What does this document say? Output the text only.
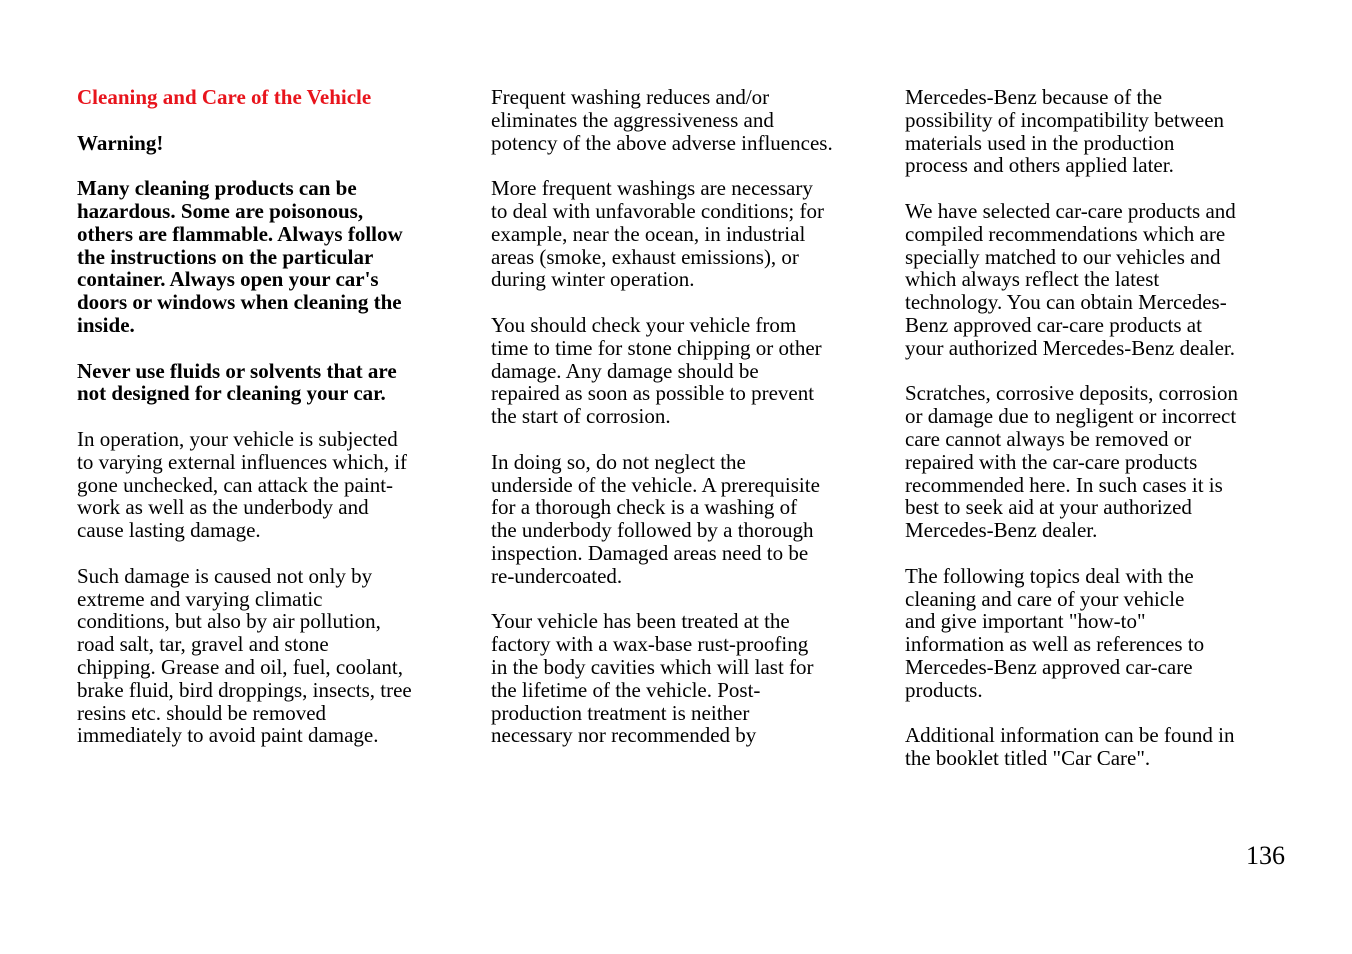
Cleaning and Care of the Vehicle
Warning!
Many cleaning products can be
hazardous. Some are poisonous,
others are flammable. Always follow
the instructions on the particular
container. Always open your car's
doors or windows when cleaning the
inside.
Never use fluids or solvents that are
not designed for cleaning your car.
In operation, your vehicle is subjected
to varying external influences which, if
gone unchecked, can attack the paint-
work as well as the underbody and
cause lasting damage.
Such damage is caused not only by
extreme and varying climatic
conditions, but also by air pollution,
road salt, tar, gravel and stone
chipping. Grease and oil, fuel, coolant,
brake fluid, bird droppings, insects, tree
resins etc. should be removed
immediately to avoid paint damage.
Frequent washing reduces and/or
eliminates the aggressiveness and
potency of the above adverse influences.
More frequent washings are necessary
to deal with unfavorable conditions; for
example, near the ocean, in industrial
areas (smoke, exhaust emissions), or
during winter operation.
You should check your vehicle from
time to time for stone chipping or other
damage. Any damage should be
repaired as soon as possible to prevent
the start of corrosion.
In doing so, do not neglect the
underside of the vehicle. A prerequisite
for a thorough check is a washing of
the underbody followed by a thorough
inspection. Damaged areas need to be
re-undercoated.
Your vehicle has been treated at the
factory with a wax-base rust-proofing
in the body cavities which will last for
the lifetime of the vehicle. Post-
production treatment is neither
necessary nor recommended by
Mercedes-Benz because of the
possibility of incompatibility between
materials used in the production
process and others applied later.
We have selected car-care products and
compiled recommendations which are
specially matched to our vehicles and
which always reflect the latest
technology. You can obtain Mercedes-
Benz approved car-care products at
your authorized Mercedes-Benz dealer.
Scratches, corrosive deposits, corrosion
or damage due to negligent or incorrect
care cannot always be removed or
repaired with the car-care products
recommended here. In such cases it is
best to seek aid at your authorized
Mercedes-Benz dealer.
The following topics deal with the
cleaning and care of your vehicle
and give important "how-to"
information as well as references to
Mercedes-Benz approved car-care
products.
Additional information can be found in
the booklet titled "Car Care".
136
